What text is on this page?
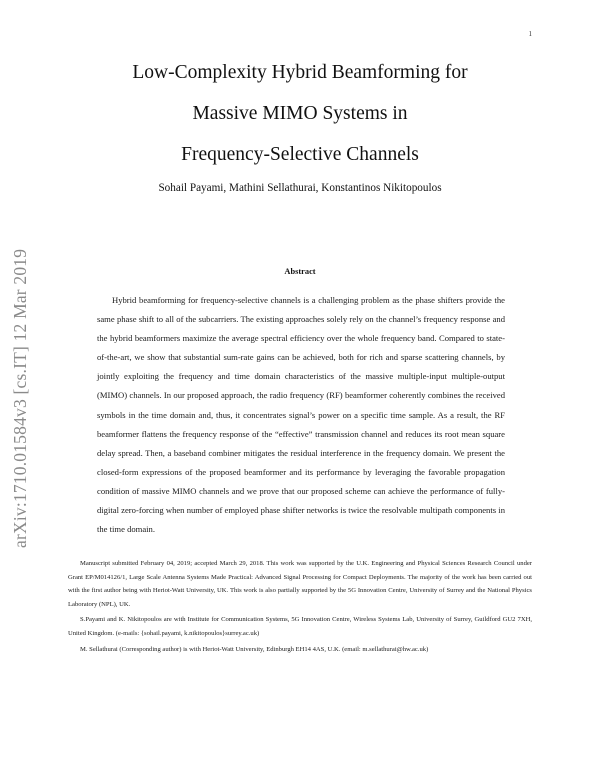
1
arXiv:1710.01584v3 [cs.IT] 12 Mar 2019
Low-Complexity Hybrid Beamforming for
Massive MIMO Systems in
Frequency-Selective Channels
Sohail Payami, Mathini Sellathurai, Konstantinos Nikitopoulos
Abstract

Hybrid beamforming for frequency-selective channels is a challenging problem as the phase shifters provide the same phase shift to all of the subcarriers. The existing approaches solely rely on the channel’s frequency response and the hybrid beamformers maximize the average spectral efficiency over the whole frequency band. Compared to state-of-the-art, we show that substantial sum-rate gains can be achieved, both for rich and sparse scattering channels, by jointly exploiting the frequency and time domain characteristics of the massive multiple-input multiple-output (MIMO) channels. In our proposed approach, the radio frequency (RF) beamformer coherently combines the received symbols in the time domain and, thus, it concentrates signal’s power on a specific time sample. As a result, the RF beamformer flattens the frequency response of the “effective” transmission channel and reduces its root mean square delay spread. Then, a baseband combiner mitigates the residual interference in the frequency domain. We present the closed-form expressions of the proposed beamformer and its performance by leveraging the favorable propagation condition of massive MIMO channels and we prove that our proposed scheme can achieve the performance of fully-digital zero-forcing when number of employed phase shifter networks is twice the resolvable multipath components in the time domain.

Manuscript submitted February 04, 2019; accepted March 29, 2018. This work was supported by the U.K. Engineering and Physical Sciences Research Council under Grant EP/M014126/1, Large Scale Antenna Systems Made Practical: Advanced Signal Processing for Compact Deployments. The majority of the work has been carried out with the first author being with Heriot-Watt University, UK. This work is also partially supported by the 5G Innovation Centre, University of Surrey and the National Physics Laboratory (NPL), UK.

S.Payami and K. Nikitopoulos are with Institute for Communication Systems, 5G Innovation Centre, Wireless Systems Lab, University of Surrey, Guildford GU2 7XH, United Kingdom. (e-mails: {sohail.payami, k.nikitopoulos}surrey.ac.uk)

M. Sellathurai (Corresponding author) is with Heriot-Watt University, Edinburgh EH14 4AS, U.K. (email: m.sellathurai@hw.ac.uk)
